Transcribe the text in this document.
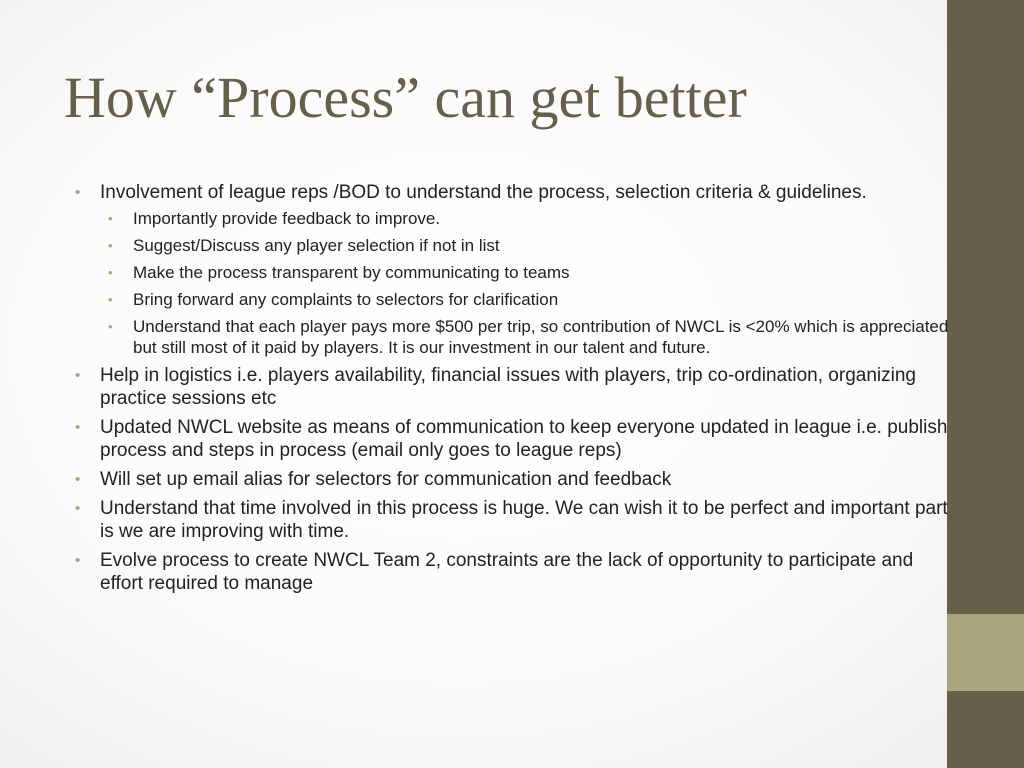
How “Process” can get better
•	Involvement of league reps /BOD to understand the process, selection criteria & guidelines.
•	Importantly provide feedback to improve.
•	Suggest/Discuss any player selection if not in list
•	Make the process transparent by communicating to teams
•	Bring forward any complaints to selectors for clarification
•	Understand that each player pays more $500 per trip, so contribution of NWCL is <20% which is appreciated but still most of it paid by players. It is our investment in our talent and future.
•	Help in logistics i.e. players availability, financial issues with players, trip co-ordination, organizing practice sessions etc
•	Updated NWCL website as means of communication to keep everyone updated in league i.e. publish process and steps in process (email only goes to league reps)
•	Will set up email alias for selectors for communication and feedback
•	Understand that time involved in this process is huge. We can wish it to be perfect and important part is we are improving with time.
•	Evolve process to create NWCL Team 2, constraints are the lack of opportunity to participate and effort required to manage
